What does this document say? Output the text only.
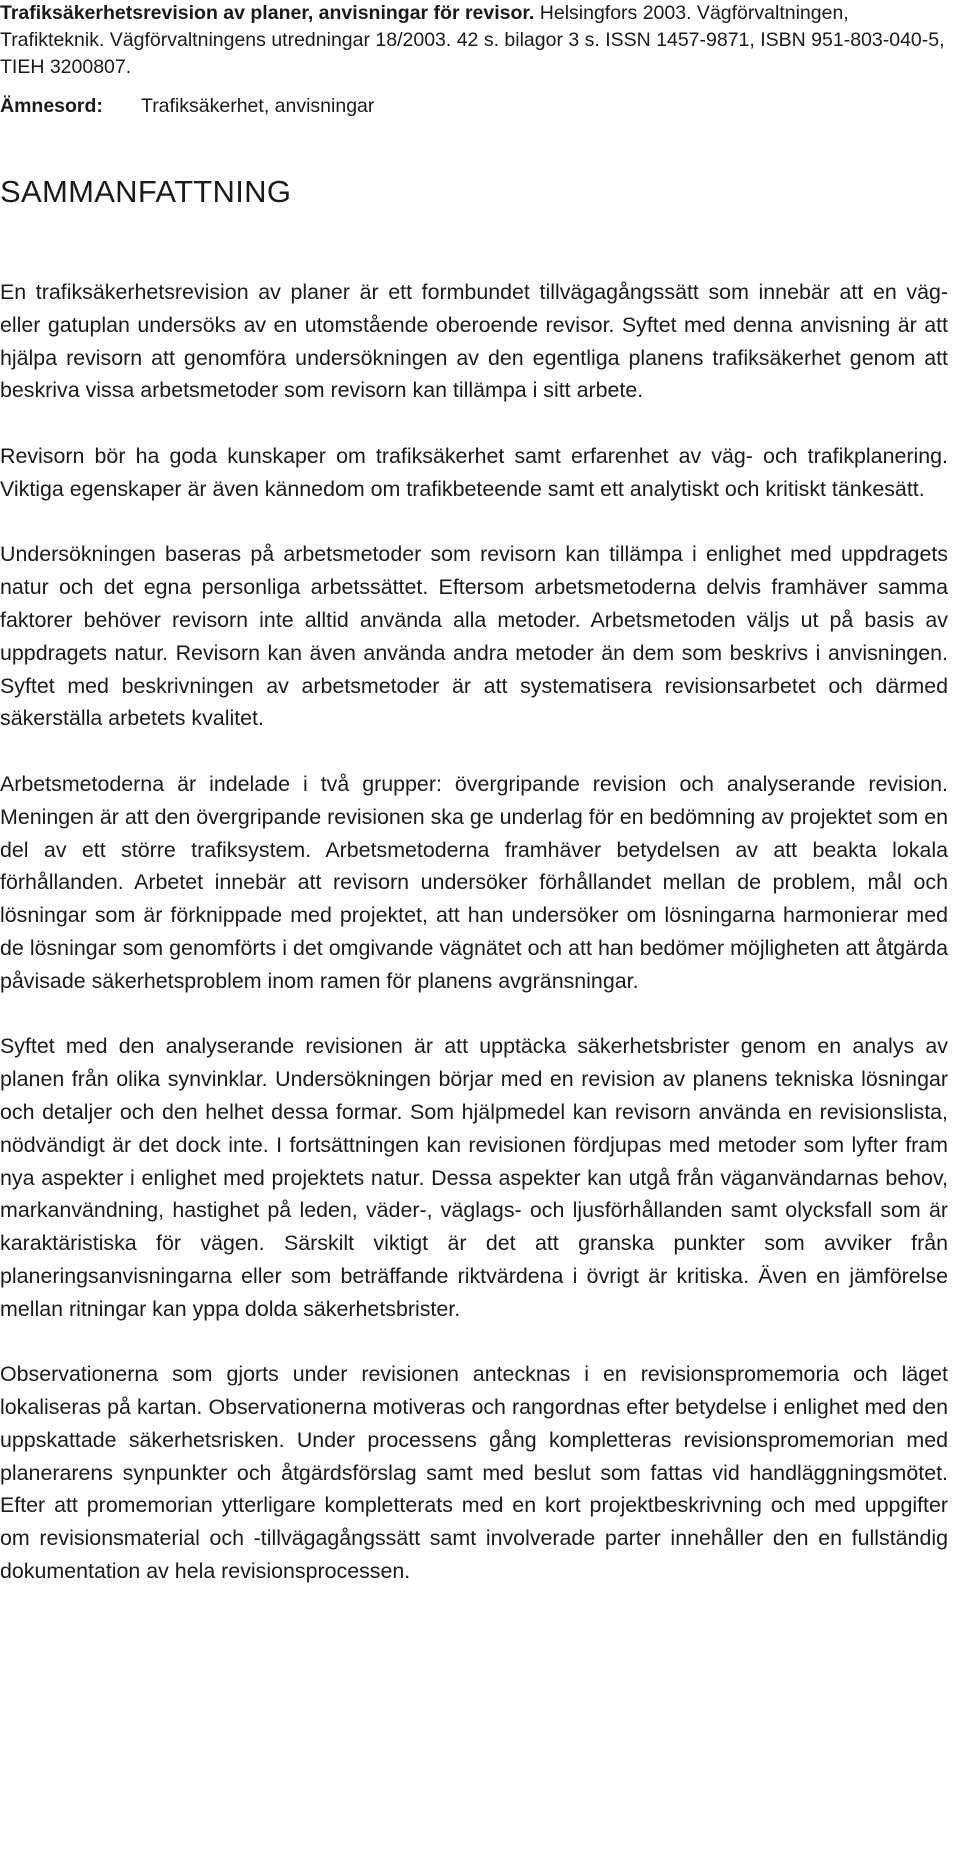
Trafiksäkerhetsrevision av planer, anvisningar för revisor. Helsingfors 2003. Vägförvaltningen, Trafikteknik. Vägförvaltningens utredningar 18/2003. 42 s. bilagor 3 s. ISSN 1457-9871, ISBN 951-803-040-5, TIEH 3200807.
Ämnesord: Trafiksäkerhet, anvisningar
SAMMANFATTNING

En trafiksäkerhetsrevision av planer är ett formbundet tillvägagångssätt som innebär att en väg- eller gatuplan undersöks av en utomstående oberoende revisor. Syftet med denna anvisning är att hjälpa revisorn att genomföra undersökningen av den egentliga planens trafiksäkerhet genom att beskriva vissa arbetsmetoder som revisorn kan tillämpa i sitt arbete.

Revisorn bör ha goda kunskaper om trafiksäkerhet samt erfarenhet av väg- och trafikplanering. Viktiga egenskaper är även kännedom om trafikbeteende samt ett analytiskt och kritiskt tänkesätt.

Undersökningen baseras på arbetsmetoder som revisorn kan tillämpa i enlighet med uppdragets natur och det egna personliga arbetssättet. Eftersom arbetsmetoderna delvis framhäver samma faktorer behöver revisorn inte alltid använda alla metoder. Arbetsmetoden väljs ut på basis av uppdragets natur. Revisorn kan även använda andra metoder än dem som beskrivs i anvisningen. Syftet med beskrivningen av arbetsmetoder är att systematisera revisionsarbetet och därmed säkerställa arbetets kvalitet.

Arbetsmetoderna är indelade i två grupper: övergripande revision och analyserande revision. Meningen är att den övergripande revisionen ska ge underlag för en bedömning av projektet som en del av ett större trafiksystem. Arbetsmetoderna framhäver betydelsen av att beakta lokala förhållanden. Arbetet innebär att revisorn undersöker förhållandet mellan de problem, mål och lösningar som är förknippade med projektet, att han undersöker om lösningarna harmonierar med de lösningar som genomförts i det omgivande vägnätet och att han bedömer möjligheten att åtgärda påvisade säkerhetsproblem inom ramen för planens avgränsningar.

Syftet med den analyserande revisionen är att upptäcka säkerhetsbrister genom en analys av planen från olika synvinklar. Undersökningen börjar med en revision av planens tekniska lösningar och detaljer och den helhet dessa formar. Som hjälpmedel kan revisorn använda en revisionslista, nödvändigt är det dock inte. I fortsättningen kan revisionen fördjupas med metoder som lyfter fram nya aspekter i enlighet med projektets natur. Dessa aspekter kan utgå från väganvändarnas behov, markanvändning, hastighet på leden, väder-, väglags- och ljusförhållanden samt olycksfall som är karaktäristiska för vägen. Särskilt viktigt är det att granska punkter som avviker från planeringsanvisningarna eller som beträffande riktvärdena i övrigt är kritiska. Även en jämförelse mellan ritningar kan yppa dolda säkerhetsbrister.

Observationerna som gjorts under revisionen antecknas i en revisionspromemoria och läget lokaliseras på kartan. Observationerna motiveras och rangordnas efter betydelse i enlighet med den uppskattade säkerhetsrisken. Under processens gång kompletteras revisionspromemorian med planerarens synpunkter och åtgärdsförslag samt med beslut som fattas vid handläggningsmötet. Efter att promemorian ytterligare kompletterats med en kort projektbeskrivning och med uppgifter om revisionsmaterial och -tillvägagångssätt samt involverade parter innehåller den en fullständig dokumentation av hela revisionsprocessen.
